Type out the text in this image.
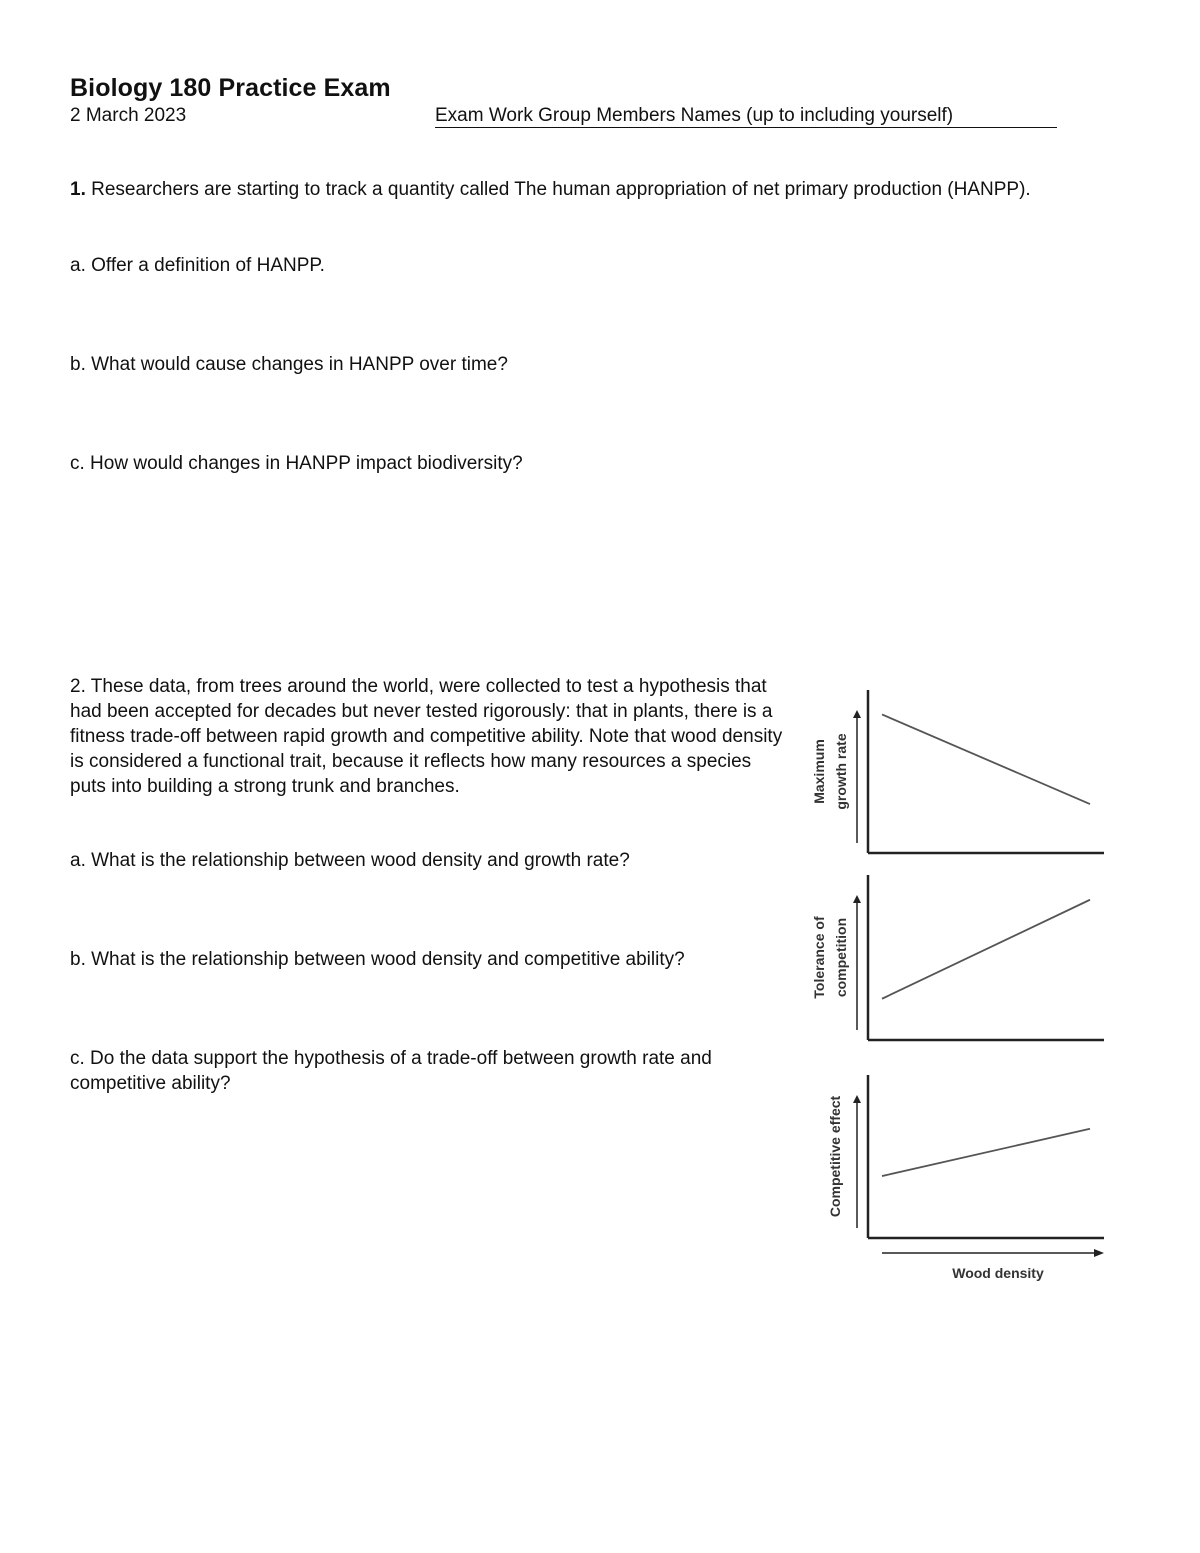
Biology 180 Practice Exam
2 March 2023	Exam Work Group Members Names (up to including yourself)
1. Researchers are starting to track a quantity called The human appropriation of net primary production (HANPP).
a. Offer a definition of HANPP.
b. What would cause changes in HANPP over time?
c. How would changes in HANPP impact biodiversity?
2. These data, from trees around the world, were collected to test a hypothesis that had been accepted for decades but never tested rigorously: that in plants, there is a fitness trade-off between rapid growth and competitive ability. Note that wood density is considered a functional trait, because it reflects how many resources a species puts into building a strong trunk and branches.
a. What is the relationship between wood density and growth rate?
b. What is the relationship between wood density and competitive ability?
c. Do the data support the hypothesis of a trade-off between growth rate and competitive ability?
Maximum growth rate
Tolerance of competition
Competitive effect
Wood density
